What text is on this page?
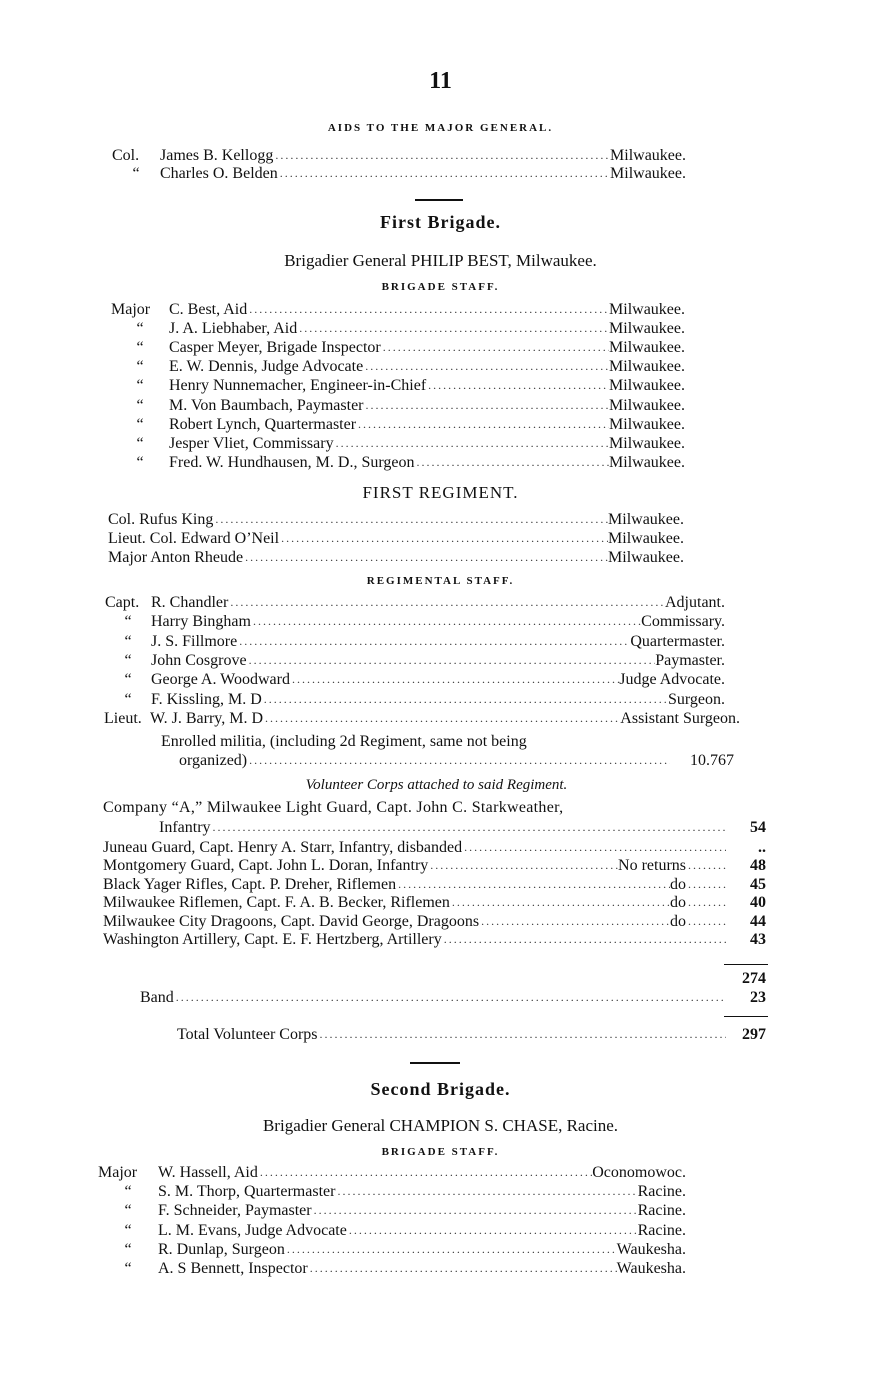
11
AIDS TO THE MAJOR GENERAL.
Col.	James B. Kellogg .....	Milwaukee.
“	Charles O. Belden .....	Milwaukee.
First Brigade.
Brigadier General PHILIP BEST, Milwaukee.
BRIGADE STAFF.
Major	C. Best, Aid .....	Milwaukee.
“	J. A. Liebhaber, Aid .....	Milwaukee.
“	Casper Meyer, Brigade Inspector .....	Milwaukee.
“	E. W. Dennis, Judge Advocate .....	Milwaukee.
“	Henry Nunnemacher, Engineer-in-Chief .....	Milwaukee.
“	M. Von Baumbach, Paymaster .....	Milwaukee.
“	Robert Lynch, Quartermaster .....	Milwaukee.
“	Jesper Vliet, Commissary .....	Milwaukee.
“	Fred. W. Hundhausen, M. D., Surgeon .....	Milwaukee.
FIRST REGIMENT.
Col. Rufus King .....	Milwaukee.
Lieut. Col. Edward O’Neil .....	Milwaukee.
Major Anton Rheude .....	Milwaukee.
REGIMENTAL STAFF.
Capt. R. Chandler .....	Adjutant.
“	Harry Bingham .....	Commissary.
“	J. S. Fillmore .....	Quartermaster.
“	John Cosgrove .....	Paymaster.
“	George A. Woodward .....	Judge Advocate.
“	F. Kissling, M. D .....	Surgeon.
Lieut. W. J. Barry, M. D .....	Assistant Surgeon.
Enrolled militia, (including 2d Regiment, same not being
organized) .....	10.767
Volunteer Corps attached to said Regiment.
Company “A,” Milwaukee Light Guard, Capt. John C. Starkweather,
Infantry .....	54
Juneau Guard, Capt. Henry A. Starr, Infantry, disbanded .....	..
Montgomery Guard, Capt. John L. Doran, Infantry .....	No returns .....	48
Black Yager Rifles, Capt. P. Dreher, Riflemen .....	do .....	45
Milwaukee Riflemen, Capt. F. A. B. Becker, Riflemen .....	do .....	40
Milwaukee City Dragoons, Capt. David George, Dragoons .....	do .....	44
Washington Artillery, Capt. E. F. Hertzberg, Artillery .....	43
274
Band .....	23
Total Volunteer Corps .....	297
Second Brigade.
Brigadier General CHAMPION S. CHASE, Racine.
BRIGADE STAFF.
Major	W. Hassell, Aid .....	Oconomowoc.
“	S. M. Thorp, Quartermaster .....	Racine.
“	F. Schneider, Paymaster .....	Racine.
“	L. M. Evans, Judge Advocate .....	Racine.
“	R. Dunlap, Surgeon .....	Waukesha.
“	A. S Bennett, Inspector .....	Waukesha.
